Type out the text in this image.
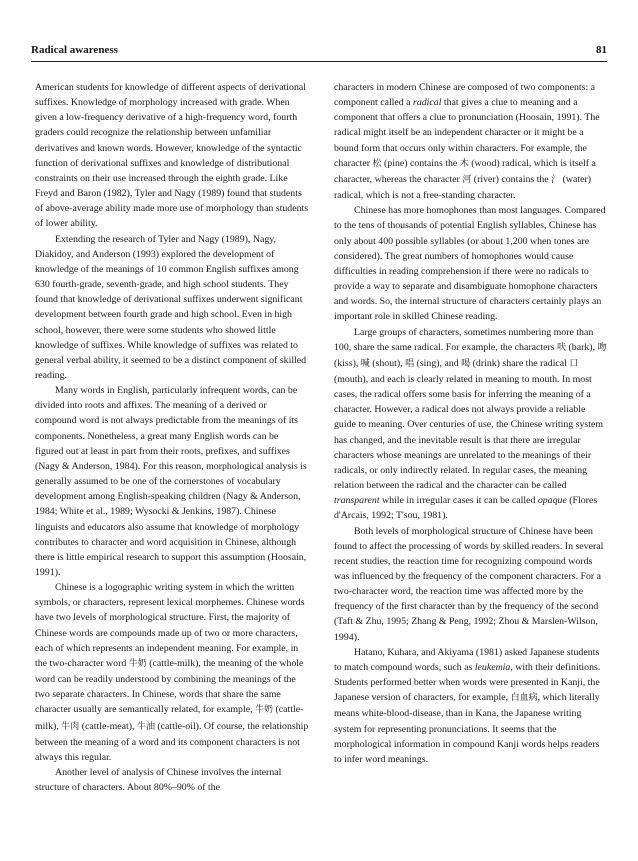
Radical awareness	81

American students for knowledge of different aspects of derivational suffixes. Knowledge of morphology increased with grade. When given a low-frequency derivative of a high-frequency word, fourth graders could recognize the relationship between unfamiliar derivatives and known words. However, knowledge of the syntactic function of derivational suffixes and knowledge of distributional constraints on their use increased through the eighth grade. Like Freyd and Baron (1982), Tyler and Nagy (1989) found that students of above-average ability made more use of morphology than students of lower ability.

Extending the research of Tyler and Nagy (1989), Nagy, Diakidoy, and Anderson (1993) explored the development of knowledge of the meanings of 10 common English suffixes among 630 fourth-grade, seventh-grade, and high school students. They found that knowledge of derivational suffixes underwent significant development between fourth grade and high school. Even in high school, however, there were some students who showed little knowledge of suffixes. While knowledge of suffixes was related to general verbal ability, it seemed to be a distinct component of skilled reading.

Many words in English, particularly infrequent words, can be divided into roots and affixes. The meaning of a derived or compound word is not always predictable from the meanings of its components. Nonetheless, a great many English words can be figured out at least in part from their roots, prefixes, and suffixes (Nagy & Anderson, 1984). For this reason, morphological analysis is generally assumed to be one of the cornerstones of vocabulary development among English-speaking children (Nagy & Anderson, 1984; White et al., 1989; Wysocki & Jenkins, 1987). Chinese linguists and educators also assume that knowledge of morphology contributes to character and word acquisition in Chinese, although there is little empirical research to support this assumption (Hoosain, 1991).

Chinese is a logographic writing system in which the written symbols, or characters, represent lexical morphemes. Chinese words have two levels of morphological structure. First, the majority of Chinese words are compounds made up of two or more characters, each of which represents an independent meaning. For example, in the two-character word 牛奶 (cattle-milk), the meaning of the whole word can be readily understood by combining the meanings of the two separate characters. In Chinese, words that share the same character usually are semantically related, for example, 牛奶 (cattle-milk), 牛肉 (cattle-meat), 牛油 (cattle-oil). Of course, the relationship between the meaning of a word and its component characters is not always this regular.

Another level of analysis of Chinese involves the internal structure of characters. About 80%–90% of the

characters in modern Chinese are composed of two components: a component called a radical that gives a clue to meaning and a component that offers a clue to pronunciation (Hoosain, 1991). The radical might itself be an independent character or it might be a bound form that occurs only within characters. For example, the character 松 (pine) contains the 木 (wood) radical, which is itself a character, whereas the character 河 (river) contains the 氵 (water) radical, which is not a free-standing character.

Chinese has more homophones than most languages. Compared to the tens of thousands of potential English syllables, Chinese has only about 400 possible syllables (or about 1,200 when tones are considered). The great numbers of homophones would cause difficulties in reading comprehension if there were no radicals to provide a way to separate and disambiguate homophone characters and words. So, the internal structure of characters certainly plays an important role in skilled Chinese reading.

Large groups of characters, sometimes numbering more than 100, share the same radical. For example, the characters 吠 (bark), 吻 (kiss), 喊 (shout), 唱 (sing), and 喝 (drink) share the radical 口 (mouth), and each is clearly related in meaning to mouth. In most cases, the radical offers some basis for inferring the meaning of a character. However, a radical does not always provide a reliable guide to meaning. Over centuries of use, the Chinese writing system has changed, and the inevitable result is that there are irregular characters whose meanings are unrelated to the meanings of their radicals, or only indirectly related. In regular cases, the meaning relation between the radical and the character can be called transparent while in irregular cases it can be called opaque (Flores d'Arcais, 1992; T'sou, 1981).

Both levels of morphological structure of Chinese have been found to affect the processing of words by skilled readers. In several recent studies, the reaction time for recognizing compound words was influenced by the frequency of the component characters. For a two-character word, the reaction time was affected more by the frequency of the first character than by the frequency of the second (Taft & Zhu, 1995; Zhang & Peng, 1992; Zhou & Marslen-Wilson, 1994).

Hatano, Kuhara, and Akiyama (1981) asked Japanese students to match compound words, such as leukemia, with their definitions. Students performed better when words were presented in Kanji, the Japanese version of characters, for example, 白血病, which literally means white-blood-disease, than in Kana, the Japanese writing system for representing pronunciations. It seems that the morphological information in compound Kanji words helps readers to infer word meanings.
